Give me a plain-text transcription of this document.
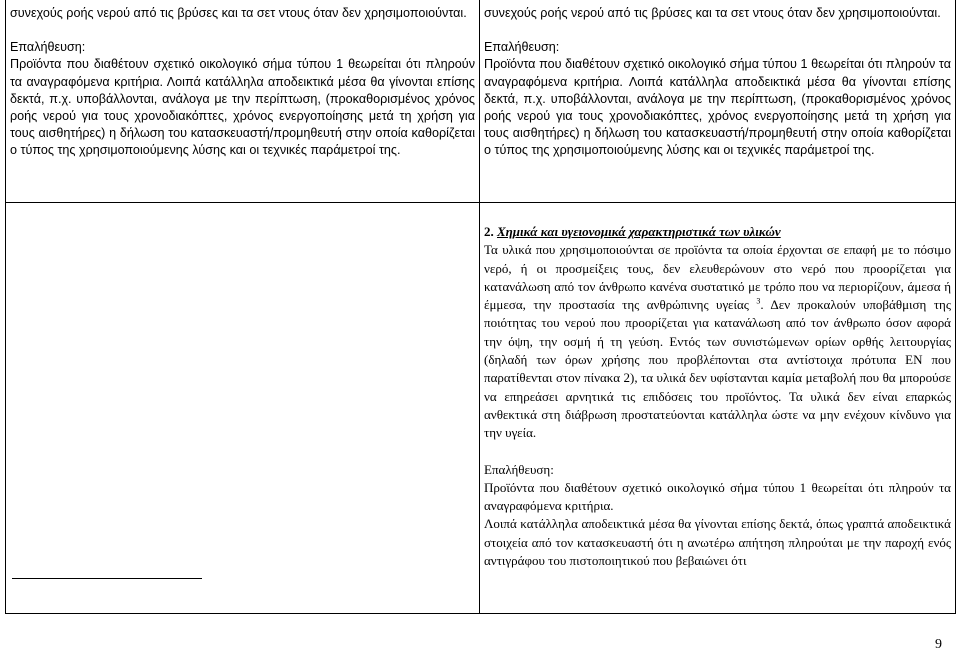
συνεχούς ροής νερού από τις βρύσες και τα σετ ντους όταν δεν χρησιμοποιούνται.

Επαλήθευση:

Προϊόντα που διαθέτουν σχετικό οικολογικό σήμα τύπου 1 θεωρείται ότι πληρούν τα αναγραφόμενα κριτήρια. Λοιπά κατάλληλα αποδεικτικά μέσα θα γίνονται επίσης δεκτά, π.χ. υποβάλλονται, ανάλογα με την περίπτωση, (προκαθορισμένος χρόνος ροής νερού για τους χρονοδιακόπτες, χρόνος ενεργοποίησης μετά τη χρήση για τους αισθητήρες) η δήλωση του κατασκευαστή/προμηθευτή στην οποία καθορίζεται ο τύπος της χρησιμοποιούμενης λύσης και οι τεχνικές παράμετροί της.

συνεχούς ροής νερού από τις βρύσες και τα σετ ντους όταν δεν χρησιμοποιούνται.

Επαλήθευση:

Προϊόντα που διαθέτουν σχετικό οικολογικό σήμα τύπου 1 θεωρείται ότι πληρούν τα αναγραφόμενα κριτήρια. Λοιπά κατάλληλα αποδεικτικά μέσα θα γίνονται επίσης δεκτά, π.χ. υποβάλλονται, ανάλογα με την περίπτωση, (προκαθορισμένος χρόνος ροής νερού για τους χρονοδιακόπτες, χρόνος ενεργοποίησης μετά τη χρήση για τους αισθητήρες) η δήλωση του κατασκευαστή/προμηθευτή στην οποία καθορίζεται ο τύπος της χρησιμοποιούμενης λύσης και οι τεχνικές παράμετροί της.

2. Χημικά και υγειονομικά χαρακτηριστικά των υλικών

Τα υλικά που χρησιμοποιούνται σε προϊόντα τα οποία έρχονται σε επαφή με το πόσιμο νερό, ή οι προσμείξεις τους, δεν ελευθερώνουν στο νερό που προορίζεται για κατανάλωση από τον άνθρωπο κανένα συστατικό με τρόπο που να περιορίζουν, άμεσα ή έμμεσα, την προστασία της ανθρώπινης υγείας $^3$. Δεν προκαλούν υποβάθμιση της ποιότητας του νερού που προορίζεται για κατανάλωση από τον άνθρωπο όσον αφορά την όψη, την οσμή ή τη γεύση. Εντός των συνιστώμενων ορίων ορθής λειτουργίας (δηλαδή των όρων χρήσης που προβλέπονται στα αντίστοιχα πρότυπα ΕΝ που παρατίθενται στον πίνακα 2), τα υλικά δεν υφίστανται καμία μεταβολή που θα μπορούσε να επηρεάσει αρνητικά τις επιδόσεις του προϊόντος. Τα υλικά δεν είναι επαρκώς ανθεκτικά στη διάβρωση προστατεύονται κατάλληλα ώστε να μην ενέχουν κίνδυνο για την υγεία.

Επαλήθευση:

Προϊόντα που διαθέτουν σχετικό οικολογικό σήμα τύπου 1 θεωρείται ότι πληρούν τα αναγραφόμενα κριτήρια.

Λοιπά κατάλληλα αποδεικτικά μέσα θα γίνονται επίσης δεκτά, όπως γραπτά αποδεικτικά στοιχεία από τον κατασκευαστή ότι η ανωτέρω απήτηση πληρούται με την παροχή ενός αντιγράφου του πιστοποιητικού που βεβαιώνει ότι

9
